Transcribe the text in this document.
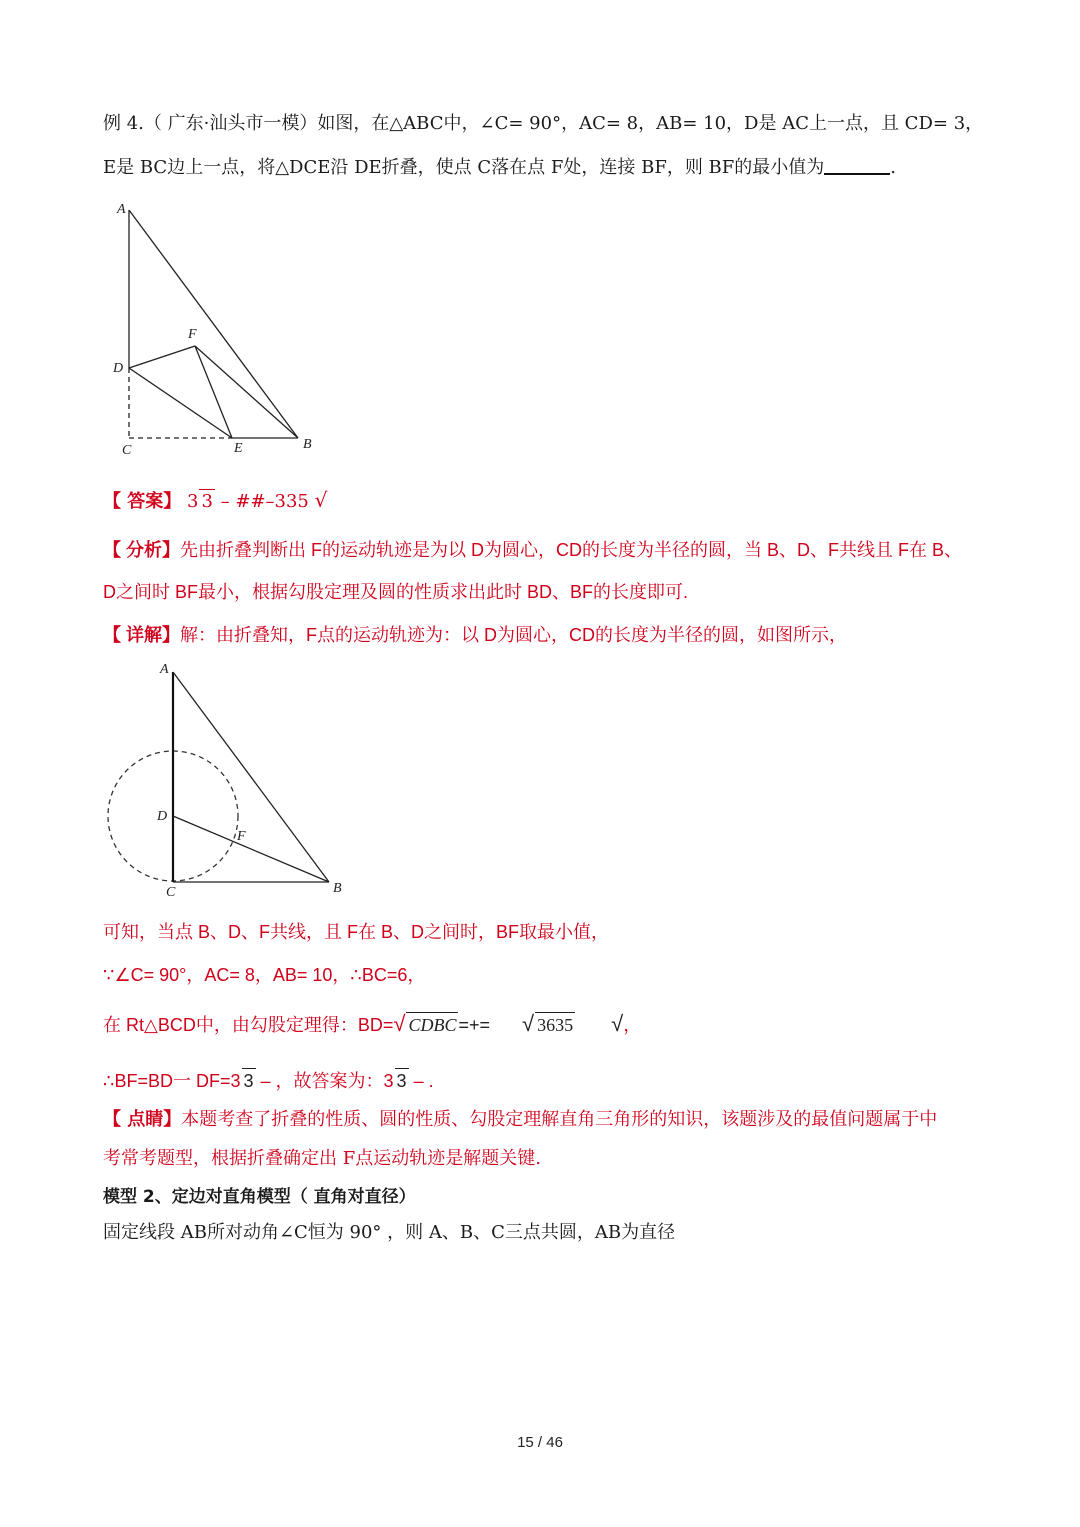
例 4.（ 广东·汕头市一模）如图，在△ABC中，∠C= 90°，AC= 8，AB= 10，D是 AC上一点，且 CD= 3，
E是 BC边上一点，将△DCE沿 DE折叠，使点 C落在点 F处，连接 BF，则 BF的最小值为	.
A
F
D
C	E	B
【 答案】 3 3 – ##–335 √
【 分析】先由折叠判断出 F的运动轨迹是为以 D为圆心，CD的长度为半径的圆，当 B、D、F共线且 F在 B、
D之间时 BF最小，根据勾股定理及圆的性质求出此时 BD、BF的长度即可.
【 详解】解：由折叠知，F点的运动轨迹为：以 D为圆心，CD的长度为半径的圆，如图所示，
A
D
F
C	B
可知，当点 B、D、F共线，且 F在 B、D之间时，BF取最小值，
∵∠C= 90°，AC= 8，AB= 10，∴BC=6，
在 Rt△BCD中，由勾股定理得：BD=√ CDBC =+= √ 3635 √，
∴BF=BD一 DF=3 3 – ，故答案为：3 3 – .
【 点睛】本题考查了折叠的性质、圆的性质、勾股定理解直角三角形的知识，该题涉及的最值问题属于中
考常考题型，根据折叠确定出 F点运动轨迹是解题关键.
模型 2、定边对直角模型（ 直角对直径）
固定线段 AB所对动角∠C恒为 90° ，则 A、B、C三点共圆，AB为直径
15 / 46
